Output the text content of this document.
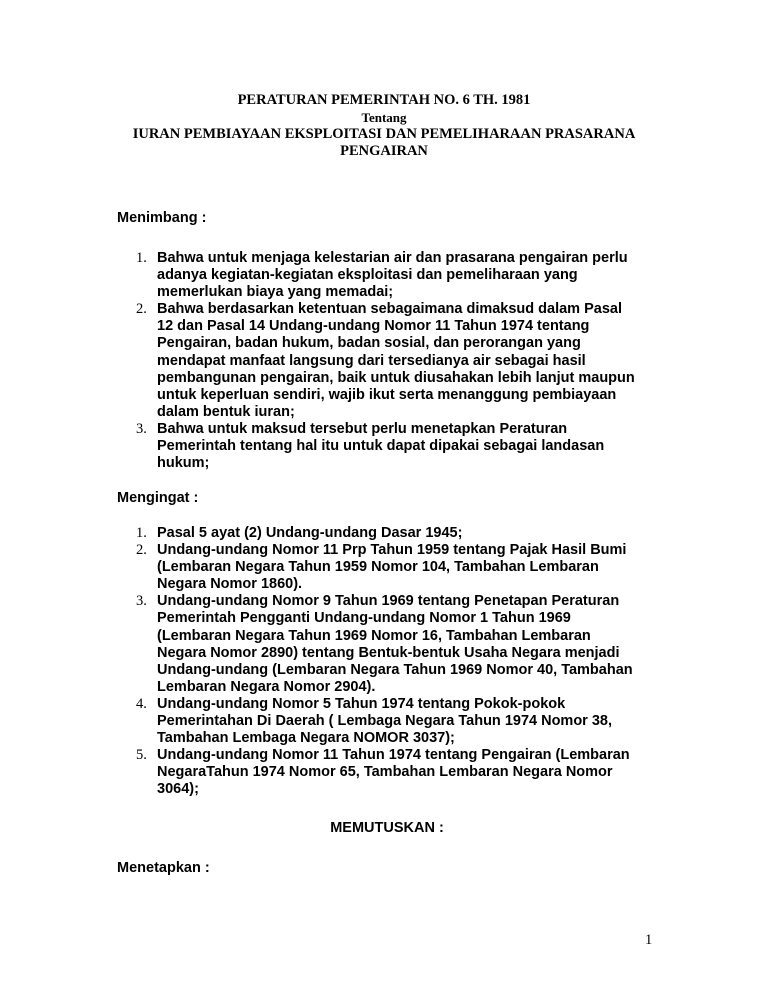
PERATURAN PEMERINTAH NO. 6 TH. 1981
Tentang
IURAN PEMBIAYAAN EKSPLOITASI DAN PEMELIHARAAN PRASARANA
PENGAIRAN
Menimbang :
1. Bahwa untuk menjaga kelestarian air dan prasarana pengairan perlu
adanya kegiatan-kegiatan eksploitasi dan pemeliharaan yang
memerlukan biaya yang memadai;
2. Bahwa berdasarkan ketentuan sebagaimana dimaksud dalam Pasal
12 dan Pasal 14 Undang-undang Nomor 11 Tahun 1974 tentang
Pengairan, badan hukum, badan sosial, dan perorangan yang
mendapat manfaat langsung dari tersedianya air sebagai hasil
pembangunan pengairan, baik untuk diusahakan lebih lanjut maupun
untuk keperluan sendiri, wajib ikut serta menanggung pembiayaan
dalam bentuk iuran;
3. Bahwa untuk maksud tersebut perlu menetapkan Peraturan
Pemerintah tentang hal itu untuk dapat dipakai sebagai landasan
hukum;
Mengingat :
1. Pasal 5 ayat (2) Undang-undang Dasar 1945;
2. Undang-undang Nomor 11 Prp Tahun 1959 tentang Pajak Hasil Bumi
(Lembaran Negara Tahun 1959 Nomor 104, Tambahan Lembaran
Negara Nomor 1860).
3. Undang-undang Nomor 9 Tahun 1969 tentang Penetapan Peraturan
Pemerintah Pengganti Undang-undang Nomor 1 Tahun 1969
(Lembaran Negara Tahun 1969 Nomor 16, Tambahan Lembaran
Negara Nomor 2890) tentang Bentuk-bentuk Usaha Negara menjadi
Undang-undang (Lembaran Negara Tahun 1969 Nomor 40, Tambahan
Lembaran Negara Nomor 2904).
4. Undang-undang Nomor 5 Tahun 1974 tentang Pokok-pokok
Pemerintahan Di Daerah ( Lembaga Negara Tahun 1974 Nomor 38,
Tambahan Lembaga Negara NOMOR 3037);
5. Undang-undang Nomor 11 Tahun 1974 tentang Pengairan (Lembaran
NegaraTahun 1974 Nomor 65, Tambahan Lembaran Negara Nomor
3064);
MEMUTUSKAN :
Menetapkan :
1
